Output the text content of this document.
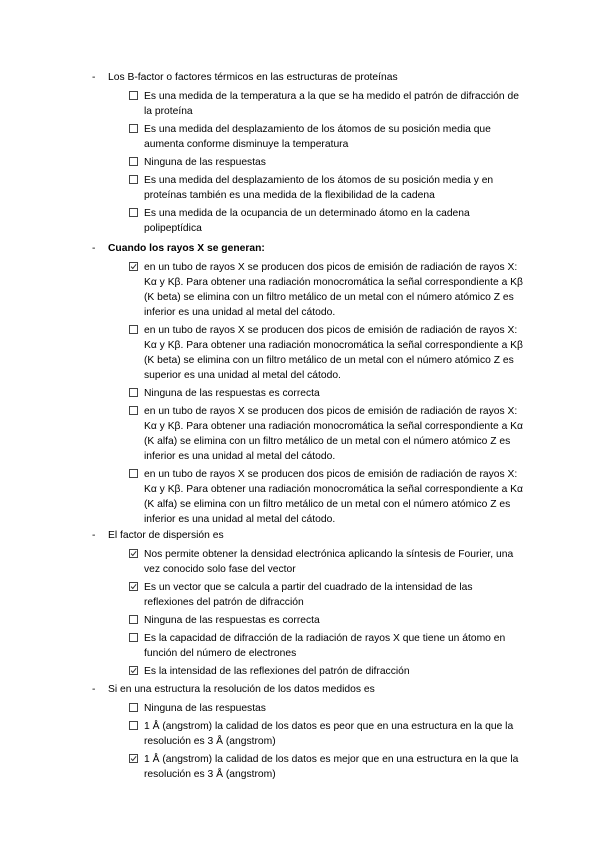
- Los B-factor o factores térmicos en las estructuras de proteínas
Es una medida de la temperatura a la que se ha medido el patrón de difracción de la proteína
Es una medida del desplazamiento de los átomos de su posición media que aumenta conforme disminuye la temperatura
Ninguna de las respuestas
Es una medida del desplazamiento de los átomos de su posición media y en proteínas también es una medida de la flexibilidad de la cadena
Es una medida de la ocupancia de un determinado átomo en la cadena polipeptídica
- Cuando los rayos X se generan:
en un tubo de rayos X se producen dos picos de emisión de radiación de rayos X: Kα y Kβ. Para obtener una radiación monocromática la señal correspondiente a Kβ (K beta) se elimina con un filtro metálico de un metal con el número atómico Z es inferior es una unidad al metal del cátodo.
en un tubo de rayos X se producen dos picos de emisión de radiación de rayos X: Kα y Kβ. Para obtener una radiación monocromática la señal correspondiente a Kβ (K beta) se elimina con un filtro metálico de un metal con el número atómico Z es superior es una unidad al metal del cátodo.
Ninguna de las respuestas es correcta
en un tubo de rayos X se producen dos picos de emisión de radiación de rayos X: Kα y Kβ. Para obtener una radiación monocromática la señal correspondiente a Kα (K alfa) se elimina con un filtro metálico de un metal con el número atómico Z es inferior es una unidad al metal del cátodo.
en un tubo de rayos X se producen dos picos de emisión de radiación de rayos X: Kα y Kβ. Para obtener una radiación monocromática la señal correspondiente a Kα (K alfa) se elimina con un filtro metálico de un metal con el número atómico Z es inferior es una unidad al metal del cátodo.
- El factor de dispersión es
Nos permite obtener la densidad electrónica aplicando la síntesis de Fourier, una vez conocido solo fase del vector
Es un vector que se calcula a partir del cuadrado de la intensidad de las reflexiones del patrón de difracción
Ninguna de las respuestas es correcta
Es la capacidad de difracción de la radiación de rayos X que tiene un átomo en función del número de electrones
Es la intensidad de las reflexiones del patrón de difracción
- Si en una estructura la resolución de los datos medidos es
Ninguna de las respuestas
1 Å (angstrom) la calidad de los datos es peor que en una estructura en la que la resolución es 3 Å (angstrom)
1 Å (angstrom) la calidad de los datos es mejor que en una estructura en la que la resolución es 3 Å (angstrom)
